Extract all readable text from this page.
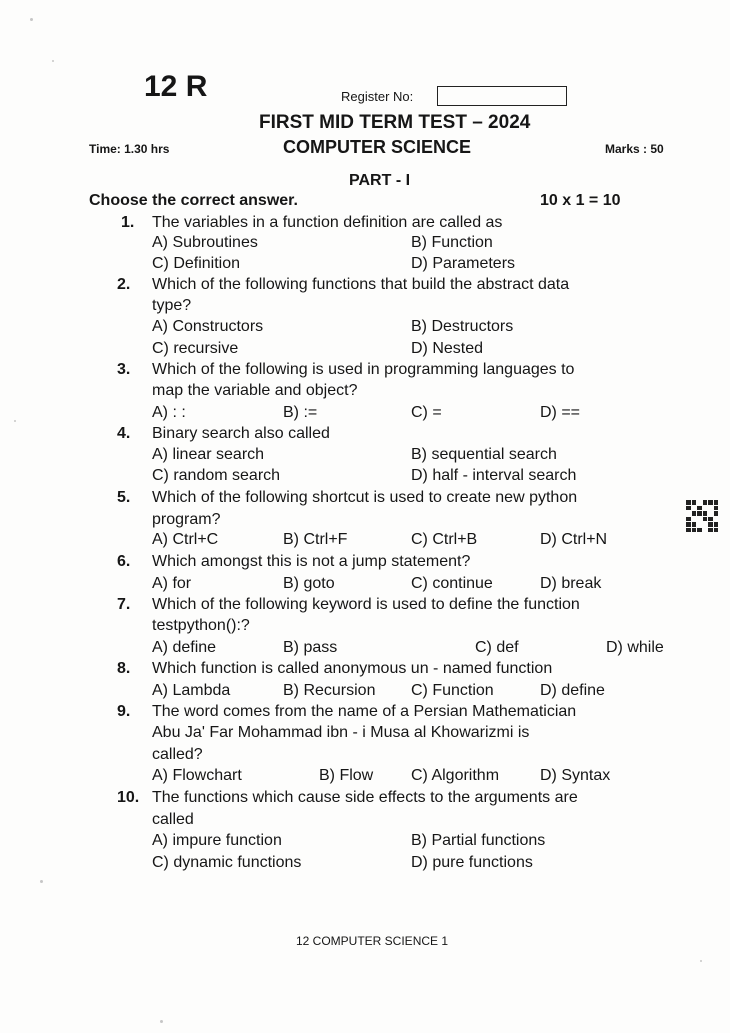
12 R	Register No:
FIRST MID TERM TEST – 2024
Time: 1.30 hrs	COMPUTER SCIENCE	Marks : 50
PART - I
Choose the correct answer.	10 x 1 = 10
1. The variables in a function definition are called as
A) Subroutines	B) Function
C) Definition	D) Parameters
2. Which of the following functions that build the abstract data
type?
A) Constructors	B) Destructors
C) recursive	D) Nested
3. Which of the following is used in programming languages to
map the variable and object?
A) : :	B) :=	C) =	D) ==
4. Binary search also called
A) linear search	B) sequential search
C) random search	D) half - interval search
5. Which of the following shortcut is used to create new python
program?
A) Ctrl+C	B) Ctrl+F	C) Ctrl+B	D) Ctrl+N
6. Which amongst this is not a jump statement?
A) for	B) goto	C) continue	D) break
7. Which of the following keyword is used to define the function
testpython():?
A) define	B) pass	C) def	D) while
8. Which function is called anonymous un - named function
A) Lambda	B) Recursion C) Function	D) define
9. The word comes from the name of a Persian Mathematician
Abu Ja' Far Mohammad ibn - i Musa al Khowarizmi is
called?
A) Flowchart	B) Flow C) Algorithm	D) Syntax
10. The functions which cause side effects to the arguments are
called
A) impure function	B) Partial functions
C) dynamic functions	D) pure functions
12 COMPUTER SCIENCE 1
